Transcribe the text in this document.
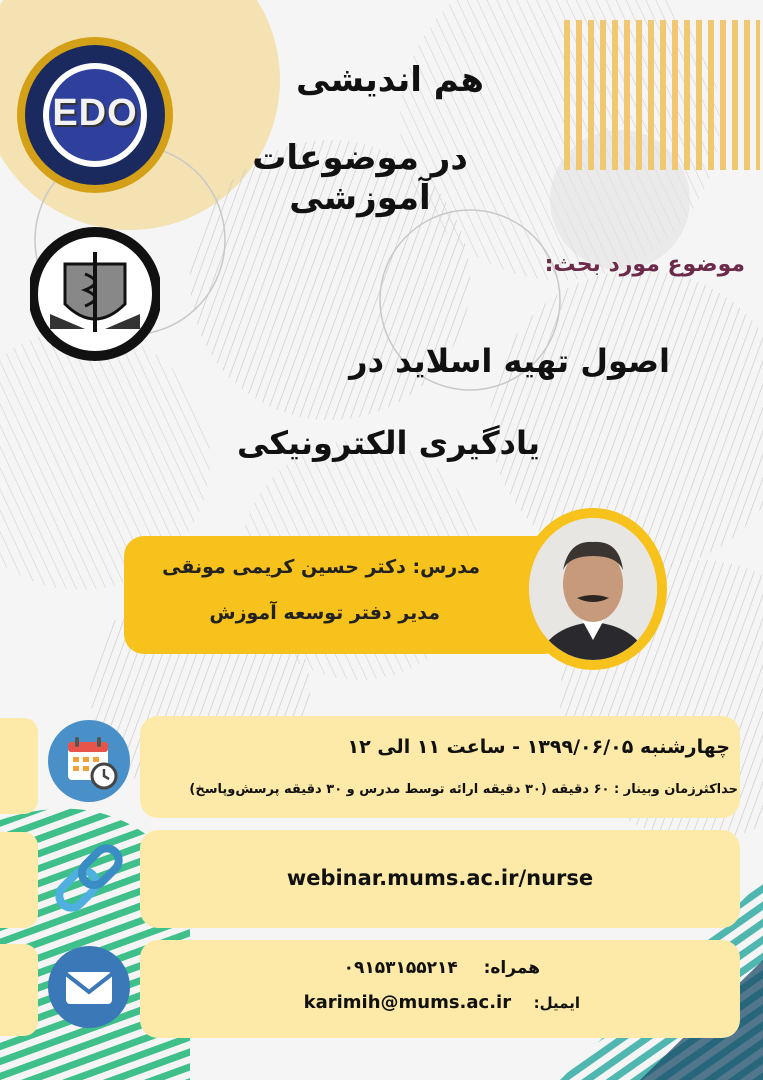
EDO
هم اندیشی
در موضوعات آموزشی
موضوع مورد بحث:
اصول تهیه اسلاید در
یادگیری الکترونیکی
مدرس: دکتر حسین کریمی مونقی
مدیر دفتر توسعه آموزش
چهارشنبه ۱۳۹۹/۰۶/۰۵ - ساعت ۱۱ الی ۱۲
حداکثرزمان وبینار : ۶۰ دقیقه (۳۰ دقیقه ارائه توسط مدرس و ۳۰ دقیقه پرسش‌وپاسخ)
webinar.mums.ac.ir/nurse
همراه:  ۰۹۱۵۳۱۵۵۲۱۴
ایمیل:  karimih@mums.ac.ir
